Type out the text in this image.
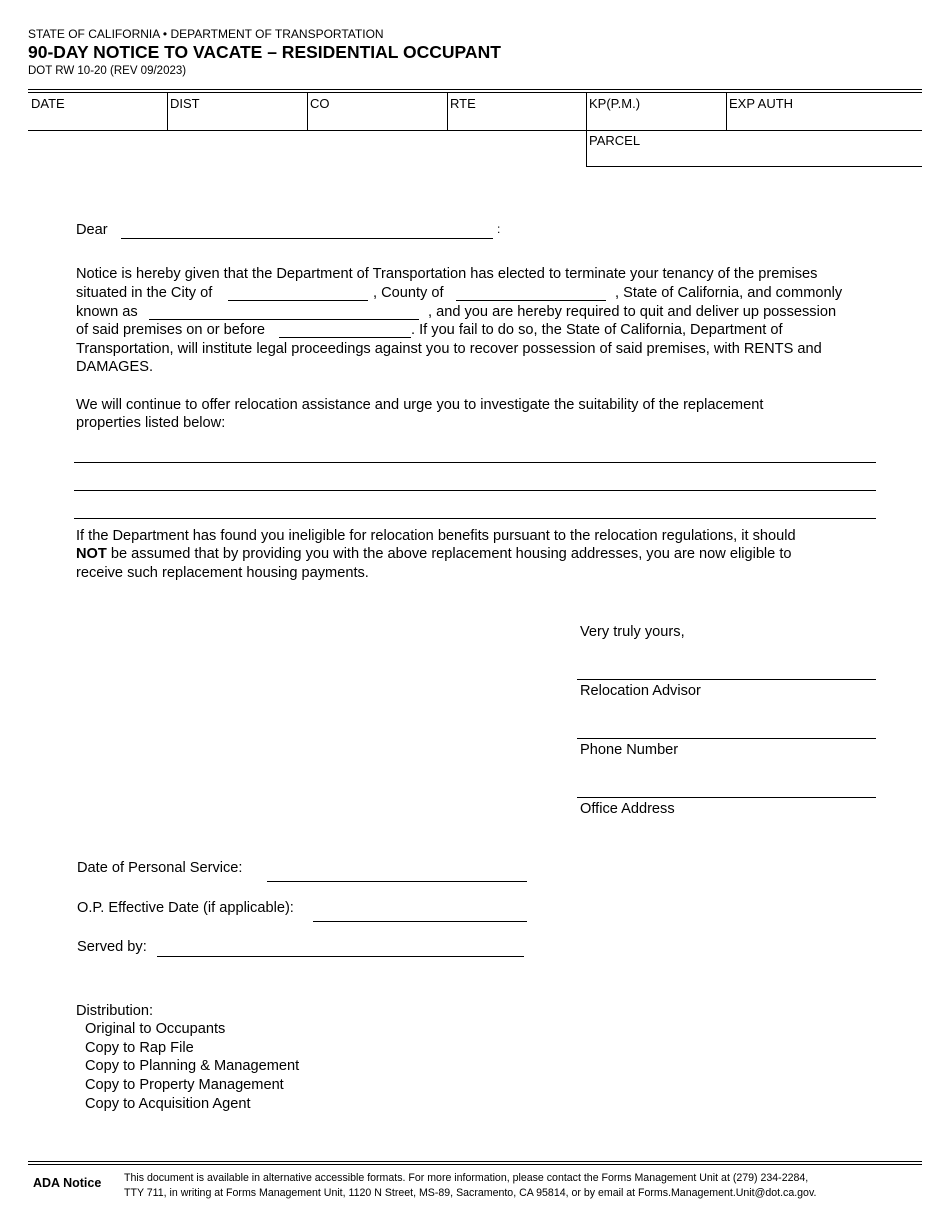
STATE OF CALIFORNIA • DEPARTMENT OF TRANSPORTATION
90-DAY NOTICE TO VACATE – RESIDENTIAL OCCUPANT
DOT RW 10-20 (REV 09/2023)
DATE	DIST	CO	RTE	KP(P.M.)	EXP AUTH
PARCEL
Dear	:
Notice is hereby given that the Department of Transportation has elected to terminate your tenancy of the premises
situated in the City of	, County of	, State of California, and commonly
known as	, and you are hereby required to quit and deliver up possession
of said premises on or before	. If you fail to do so, the State of California, Department of
Transportation, will institute legal proceedings against you to recover possession of said premises, with RENTS and
DAMAGES.
We will continue to offer relocation assistance and urge you to investigate the suitability of the replacement
properties listed below:
If the Department has found you ineligible for relocation benefits pursuant to the relocation regulations, it should
NOT be assumed that by providing you with the above replacement housing addresses, you are now eligible to
receive such replacement housing payments.
Very truly yours,
Relocation Advisor
Phone Number
Office Address
Date of Personal Service:
O.P. Effective Date (if applicable):
Served by:
Distribution:
Original to Occupants
Copy to Rap File
Copy to Planning & Management
Copy to Property Management
Copy to Acquisition Agent
ADA Notice This document is available in alternative accessible formats. For more information, please contact the Forms Management Unit at (279) 234-2284,
TTY 711, in writing at Forms Management Unit, 1120 N Street, MS-89, Sacramento, CA 95814, or by email at Forms.Management.Unit@dot.ca.gov.
